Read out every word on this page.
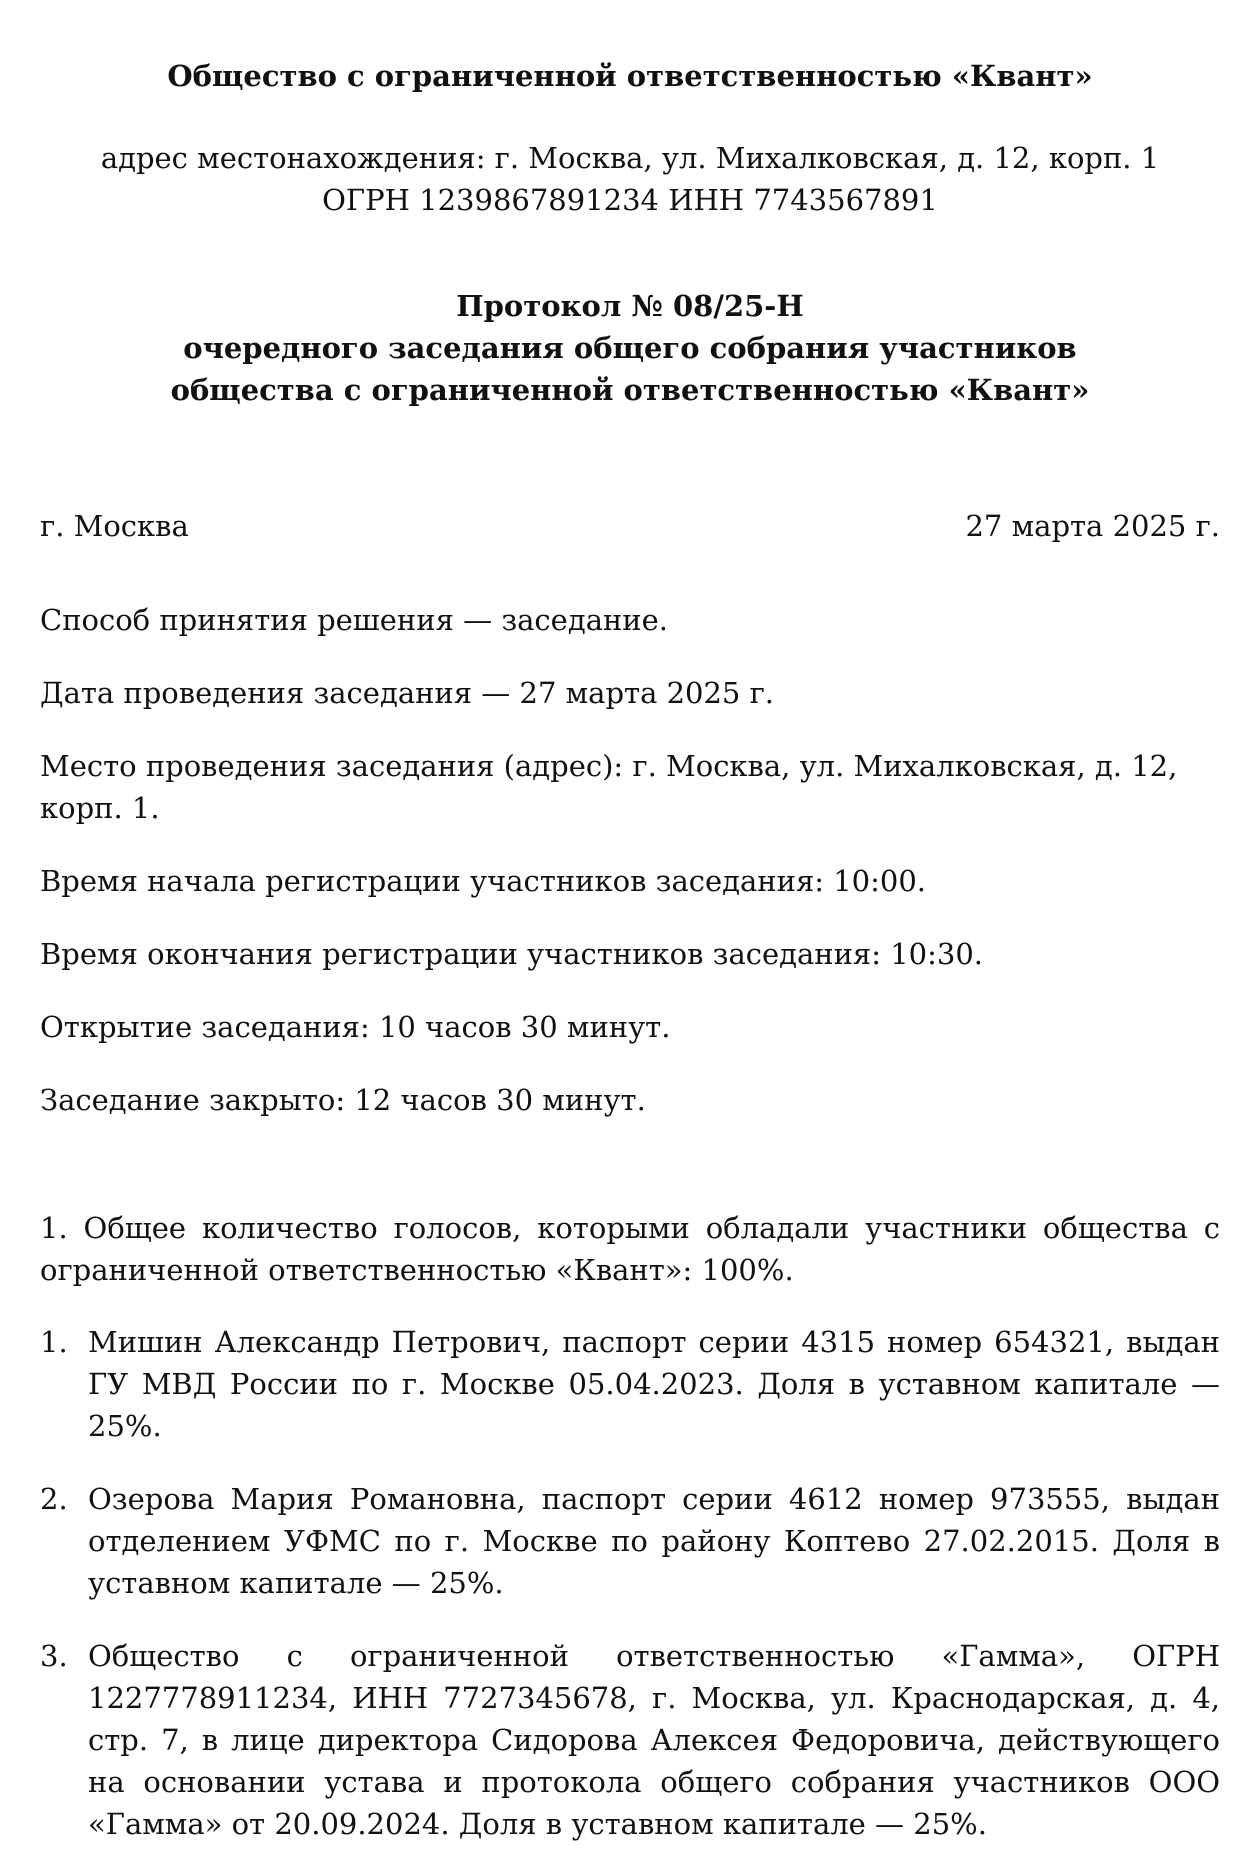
Общество с ограниченной ответственностью «Квант»
адрес местонахождения: г. Москва, ул. Михалковская, д. 12, корп. 1
ОГРН 1239867891234 ИНН 7743567891
Протокол № 08/25-Н
очередного заседания общего собрания участников
общества с ограниченной ответственностью «Квант»
г. Москва	27 марта 2025 г.
Способ принятия решения — заседание.
Дата проведения заседания — 27 марта 2025 г.
Место проведения заседания (адрес): г. Москва, ул. Михалковская, д. 12, корп. 1.
Время начала регистрации участников заседания: 10:00.
Время окончания регистрации участников заседания: 10:30.
Открытие заседания: 10 часов 30 минут.
Заседание закрыто: 12 часов 30 минут.
1. Общее количество голосов, которыми обладали участники общества с ограниченной ответственностью «Квант»: 100%.
1. Мишин Александр Петрович, паспорт серии 4315 номер 654321, выдан ГУ МВД России по г. Москве 05.04.2023. Доля в уставном капитале — 25%.
2. Озерова Мария Романовна, паспорт серии 4612 номер 973555, выдан отделением УФМС по г. Москве по району Коптево 27.02.2015. Доля в уставном капитале — 25%.
3. Общество с ограниченной ответственностью «Гамма», ОГРН 1227778911234, ИНН 7727345678, г. Москва, ул. Краснодарская, д. 4, стр. 7, в лице директора Сидорова Алексея Федоровича, действующего на основании устава и протокола общего собрания участников ООО «Гамма» от 20.09.2024. Доля в уставном капитале — 25%.
